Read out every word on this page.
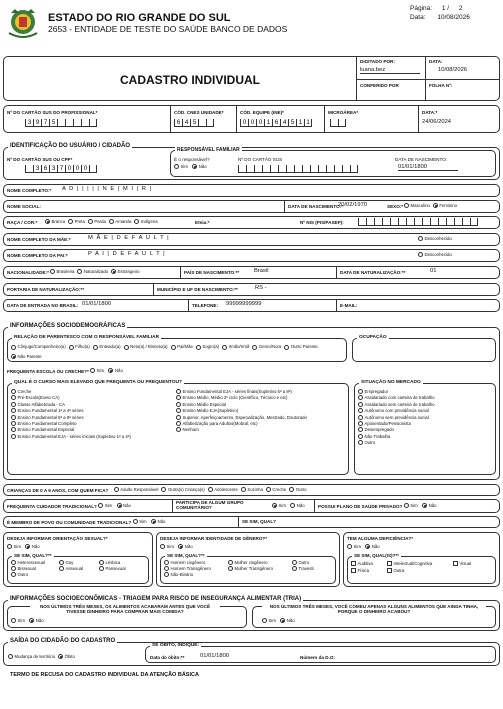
ESTADO DO RIO GRANDE DO SUL
2653 - ENTIDADE DE TESTE DO SAÚDE BANCO DE DADOS
Página: 1 / 2
Data: 10/08/2026
CADASTRO INDIVIDUAL
DIGITADO POR:
luana.bez
DATA:
10/08/2026
CONFERIDO POR	FOLHA Nº:
Nº DO CARTÃO SUS DO PROFISSIONAL*
3 9 7 5
CÓD. CNES UNIDADE*
6 4 5
CÓD. EQUIPE (INE)*
0 0 0 1 6 4 5 1 1
MICROÁREA*	DATA:*
24/06/2024
IDENTIFICAÇÃO DO USUÁRIO / CIDADÃO
Nº DO CARTÃO SUS OU CPF*
3 6 3 7 0 0 0
RESPONSÁVEL FAMILIAR
É o responsável?
Sim
	Não
Nº DO CARTÃO SUS	DATA DE NASCIMENTO:
01/01/1800
NOME COMPLETO:* A D | | | | | N E | M I | R |
NOME SOCIAL:	DATA DE NASCIMENTO:*
20/02/1970	SEXO:* Masculino Feminino
RAÇA / COR:*	Branca Preta Parda Amarela Indígena	Etnia:*	Nº NIS (PIS/PASEP):
NOME COMPLETO DA MÃE:*	M Ã E | D E F A U L T |	Desconhecido
NOME COMPLETO DA PAI:*	P A I | D E F A U L T |	Desconhecido
NACIONALIDADE:* Brasileira Naturalizado Estrangeiro	PAÍS DE NASCIMENTO:**	Brasil	DATA DE NATURALIZAÇÃO:**	01
PORTARIA DE NATURALIZAÇÃO:**	MUNICÍPIO E UF DE NASCIMENTO:**	RS -
DATA DE ENTRADA NO BRASIL: 01/01/1800	TELEFONE: 99999999999	E-MAIL:
INFORMAÇÕES SOCIODEMOGRÁFICAS
RELAÇÃO DE PARENTESCO COM O RESPONSÁVEL FAMILIAR
Cônjuge/Companheiro(a) Filho(a) Enteado(a) Neto(a) / Bisneto(a) Pai/Mãe Sogro(a) Irmão/Irmã Genro/Nora Outro Parente
Não Parente
OCUPAÇÃO
FREQUENTA ESCOLA OU CRECHE?* Sim
	Não
QUAL É O CURSO MAIS ELEVADO QUE FREQUENTA OU FREQUENTOU?
Creche
Pré-Escola(Exeto CA)
Classe Alfabetizada - CA
Ensino Fundamental 1ª a 4ª séries
Ensino Fundamental 5ª a 8ª séries
Ensino Fundamental Completo
Ensino Fundamental Especial
Ensino Fundamental EJA - séries iniciais (Supletivo 1ª a 4ª)
Ensino Fundamental EJA - séries finais(Supletivo 5ª a 8ª)
Ensino Médio, Médio 2º ciclo (Científico, Técnico e etc)
Ensino Médio Especial
Ensino Médio EJA(Supletivo)
Superior, Aperfeiçoamento, Especialização, Mestrado, Doutorado
Alfabetização para Adultos(Mobral, etc)
Nenhum
SITUAÇÃO NO MERCADO
Empregador
Assalariado com carteira de trabalho
Assalariado sem carteira de trabalho
Autônomo com previdência social
Autônomo sem previdência social
Aposentado/Pensionista
Desempregado
Não Trabalha
Outro
CRIANÇAS DE 0 A 9 ANOS, COM QUEM FICA?	Adulto Responsável Outra(s) Criança(s) Adolescente Sozinha Creche Outro
FREQUENTA CUIDADOR TRADICIONAL? Sim
	Não
PARTICIPA DE ALGUM GRUPO COMUNITÁRIO?	Sim
	Não	POSSUI PLANO DE SAÚDE PRIVADO? Sim
	Não
É MEMBRO DE POVO OU COMUNIDADE TRADICIONAL? Sim
	Não	SE SIM, QUAL?
DESEJA INFORMAR ORIENTAÇÃO SEXUAL?*
Sim
	Não
SE SIM, QUAL?**
Heterossexual	Gay	Lésbica
Bissexual	Assexual	Pansexual
Outro
DESEJA INFORMAR IDENTIDADE DE GÊNERO?*
Sim
	Não
SE SIM, QUAL?**
Homem cisgênero	Mulher cisgênero	Outro
Homem Transgênero	Mulher Transgênero	Travesti
Não-Binário
TEM ALGUMA DEFICIÊNCIA?*
Sim
	Não
SE SIM, QUAL(IS)?**
Auditiva	Intelectual/Cognitiva	Visual
Física	Outra
INFORMAÇÕES SOCIOECONÔMICAS - TRIAGEM PARA RISCO DE INSEGURANÇA ALIMENTAR (TRIA)
NOS ÚLTIMOS TRÊS MESES, OS ALIMENTOS ACABARAM ANTES QUE VOCÊ TIVESSE DINHEIRO PARA COMPRAR MAIS COMIDA?
Sim
	Não
NOS ÚLTIMOS TRÊS MESES, VOCÊ COMEU APENAS ALGUNS ALIMENTOS QUE AINDA TINHA, PORQUE O DINHEIRO ACABOU?
Sim
	Não
SAÍDA DO CIDADÃO DO CADASTRO
Mudança de território Óbito
SE ÓBITO, INDIQUE:
Data do óbito:**	01/01/1800	Número da D.O:
TERMO DE RECUSA DO CADASTRO INDIVIDUAL DA ATENÇÃO BÁSICA
